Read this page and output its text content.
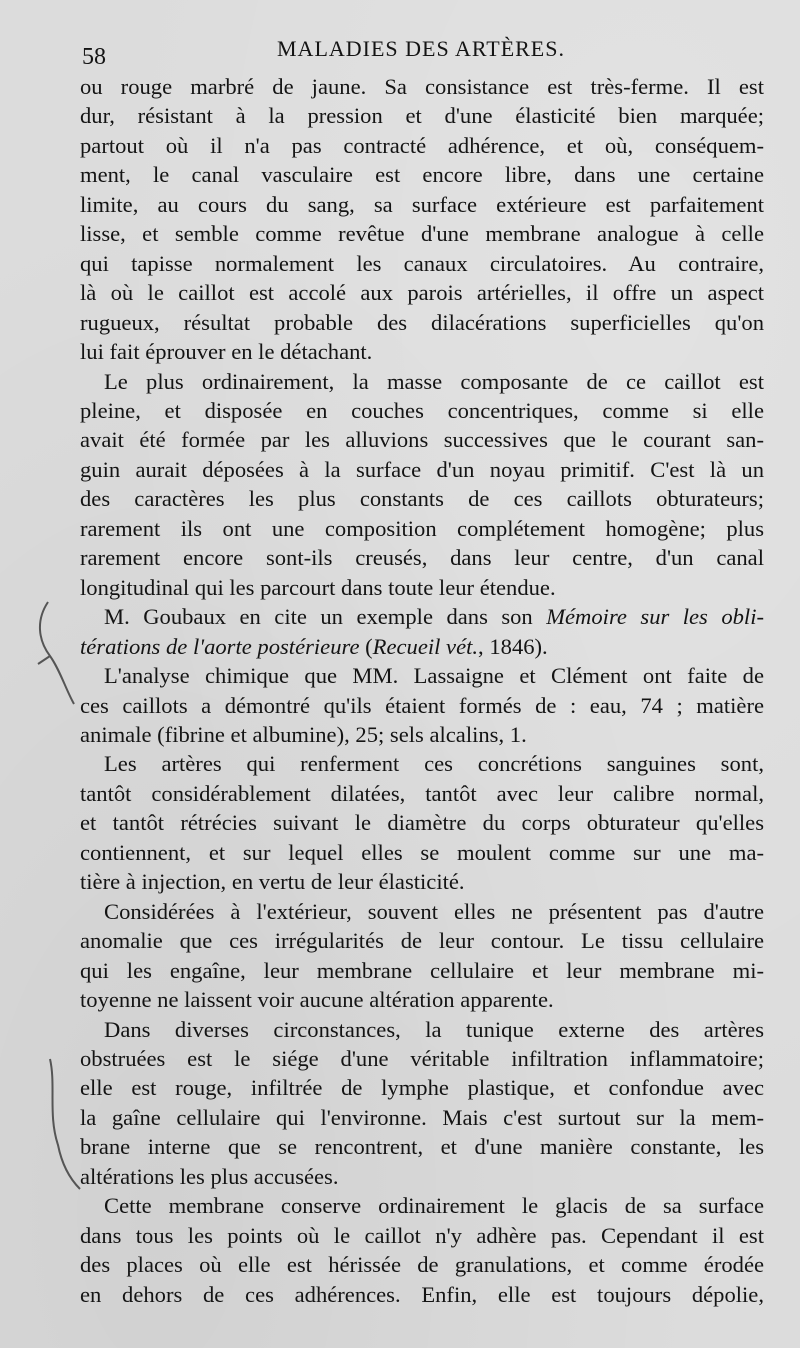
58	MALADIES DES ARTÈRES.
ou rouge marbré de jaune. Sa consistance est très-ferme. Il est
dur, résistant à la pression et d'une élasticité bien marquée;
partout où il n'a pas contracté adhérence, et où, conséquem-
ment, le canal vasculaire est encore libre, dans une certaine
limite, au cours du sang, sa surface extérieure est parfaitement
lisse, et semble comme revêtue d'une membrane analogue à celle
qui tapisse normalement les canaux circulatoires. Au contraire,
là où le caillot est accolé aux parois artérielles, il offre un aspect
rugueux, résultat probable des dilacérations superficielles qu'on
lui fait éprouver en le détachant.
Le plus ordinairement, la masse composante de ce caillot est
pleine, et disposée en couches concentriques, comme si elle
avait été formée par les alluvions successives que le courant san-
guin aurait déposées à la surface d'un noyau primitif. C'est là un
des caractères les plus constants de ces caillots obturateurs;
rarement ils ont une composition complétement homogène; plus
rarement encore sont-ils creusés, dans leur centre, d'un canal
longitudinal qui les parcourt dans toute leur étendue.
M. Goubaux en cite un exemple dans son Mémoire sur les obli-
térations de l'aorte postérieure (Recueil vét., 1846).
L'analyse chimique que MM. Lassaigne et Clément ont faite de
ces caillots a démontré qu'ils étaient formés de : eau, 74 ; matière
animale (fibrine et albumine), 25; sels alcalins, 1.
Les artères qui renferment ces concrétions sanguines sont,
tantôt considérablement dilatées, tantôt avec leur calibre normal,
et tantôt rétrécies suivant le diamètre du corps obturateur qu'elles
contiennent, et sur lequel elles se moulent comme sur une ma-
tière à injection, en vertu de leur élasticité.
Considérées à l'extérieur, souvent elles ne présentent pas d'autre
anomalie que ces irrégularités de leur contour. Le tissu cellulaire
qui les engaîne, leur membrane cellulaire et leur membrane mi-
toyenne ne laissent voir aucune altération apparente.
Dans diverses circonstances, la tunique externe des artères
obstruées est le siége d'une véritable infiltration inflammatoire;
elle est rouge, infiltrée de lymphe plastique, et confondue avec
la gaîne cellulaire qui l'environne. Mais c'est surtout sur la mem-
brane interne que se rencontrent, et d'une manière constante, les
altérations les plus accusées.
Cette membrane conserve ordinairement le glacis de sa surface
dans tous les points où le caillot n'y adhère pas. Cependant il est
des places où elle est hérissée de granulations, et comme érodée
en dehors de ces adhérences. Enfin, elle est toujours dépolie,
